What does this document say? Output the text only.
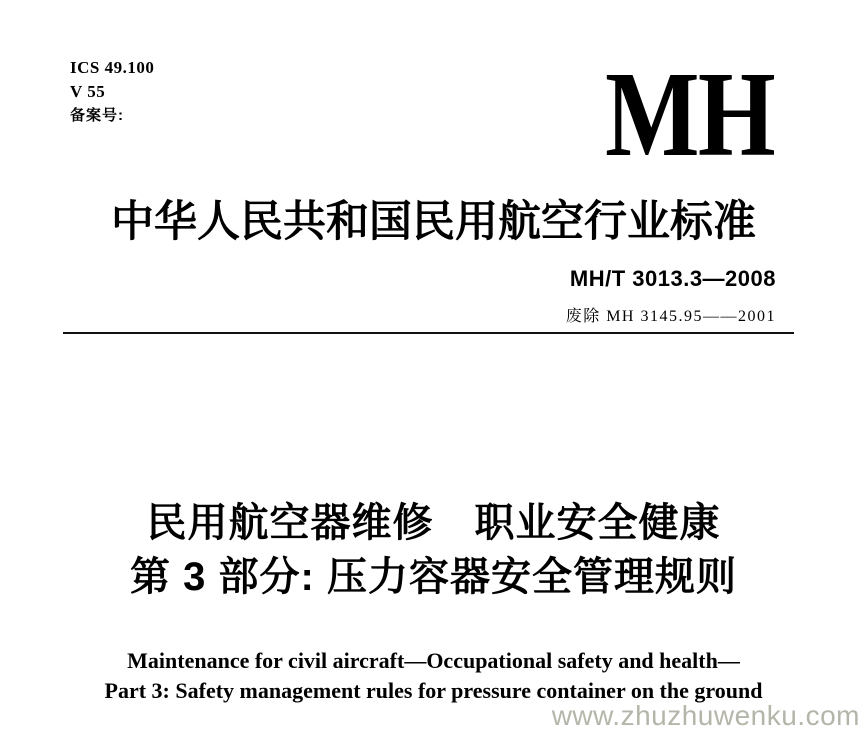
ICS 49.100
V 55
备案号:	MH
中华人民共和国民用航空行业标准
MH/T 3013.3—2008
废除 MH 3145.95——2001
民用航空器维修　职业安全健康
第 3 部分: 压力容器安全管理规则
Maintenance for civil aircraft—Occupational safety and health—
Part 3: Safety management rules for pressure container on the ground
www.zhuzhuwenku.com
